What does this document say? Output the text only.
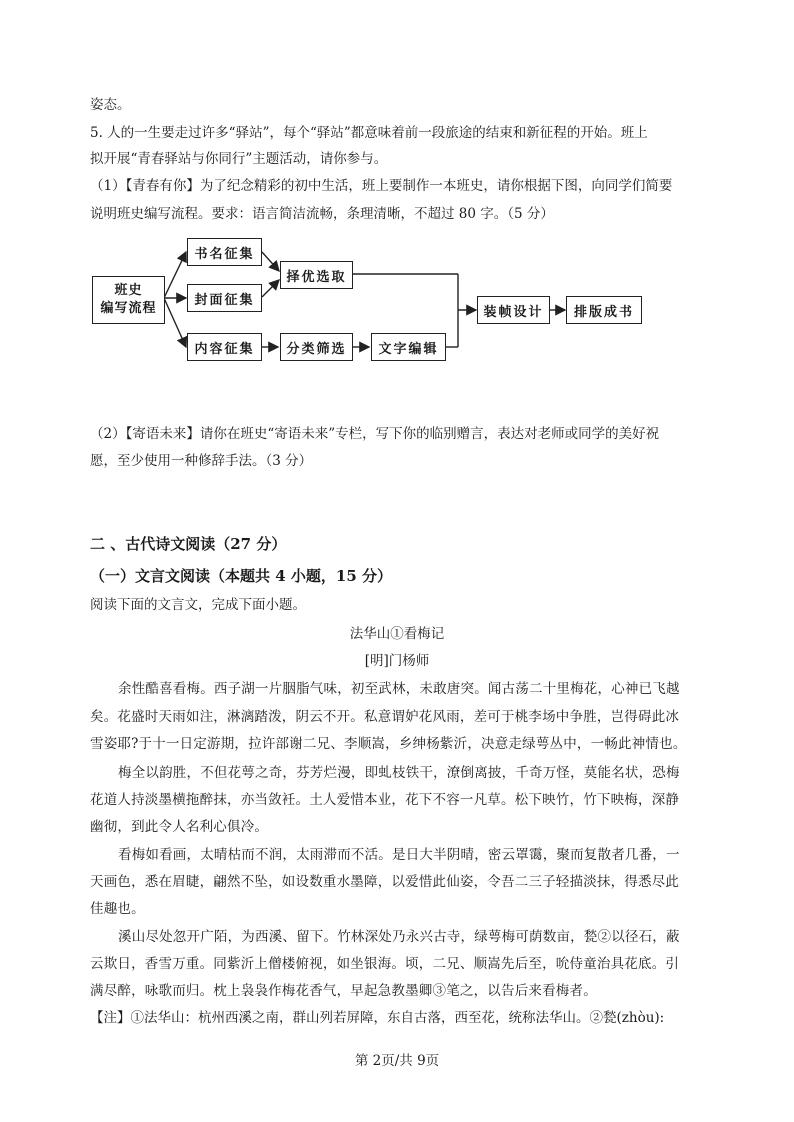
姿态。
5. 人的一生要走过许多“驿站”，每个“驿站”都意味着前一段旅途的结束和新征程的开始。班上
拟开展“青春驿站与你同行”主题活动，请你参与。
（1）【青春有你】为了纪念精彩的初中生活，班上要制作一本班史，请你根据下图，向同学们简要
说明班史编写流程。要求：语言简洁流畅，条理清晰，不超过 80 字。（5 分）
班史
编写流程
书名征集
封面征集
内容征集
择优选取
分类筛选	文字编辑
装帧设计	排版成书
（2）【寄语未来】请你在班史“寄语未来”专栏，写下你的临别赠言，表达对老师或同学的美好祝
愿，至少使用一种修辞手法。（3 分）
二 、古代诗文阅读（27 分）
（一）文言文阅读（本题共 4 小题，15 分）
阅读下面的文言文，完成下面小题。
法华山①看梅记
[明]门杨师
余性酷喜看梅。西子湖一片胭脂气味，初至武林，未敢唐突。闻古荡二十里梅花，心神已飞越
矣。花盛时天雨如注，淋漓踏泼，阴云不开。私意谓妒花风雨，差可于桃李场中争胜，岂得碍此冰
雪姿耶?于十一日定游期，拉许部谢二兄、李顺嵩，乡绅杨紫沂，决意走绿萼丛中，一畅此神情也。
梅全以韵胜，不但花萼之奇，芬芳烂漫，即虬枝铁干，潦倒离披，千奇万怪，莫能名状，恐梅
花道人持淡墨横拖醉抹，亦当敛衽。土人爱惜本业，花下不容一凡草。松下映竹，竹下映梅，深静
幽彻，到此令人名利心俱冷。
看梅如看画，太晴枯而不润，太雨滞而不活。是日大半阴晴，密云罩霭，聚而复散者几番，一
天画色，悉在眉睫，翩然不坠，如设数重水墨障，以爱惜此仙姿，令吾二三子轻描淡抹，得悉尽此
佳趣也。
溪山尽处忽开广陌，为西溪、留下。竹林深处乃永兴古寺，绿萼梅可荫数亩，甃②以径石，蔽
云欺日，香雪万重。同紫沂上僧楼俯视，如坐银海。顷，二兄、顺嵩先后至，吮侍童治具花底。引
满尽醉，咏歌而归。枕上袅袅作梅花香气，早起急教墨卿③笔之，以告后来看梅者。
【注】①法华山：杭州西溪之南，群山列若屏障，东自古落，西至花，统称法华山。②甃(zhòu):
第 2页/共 9页
